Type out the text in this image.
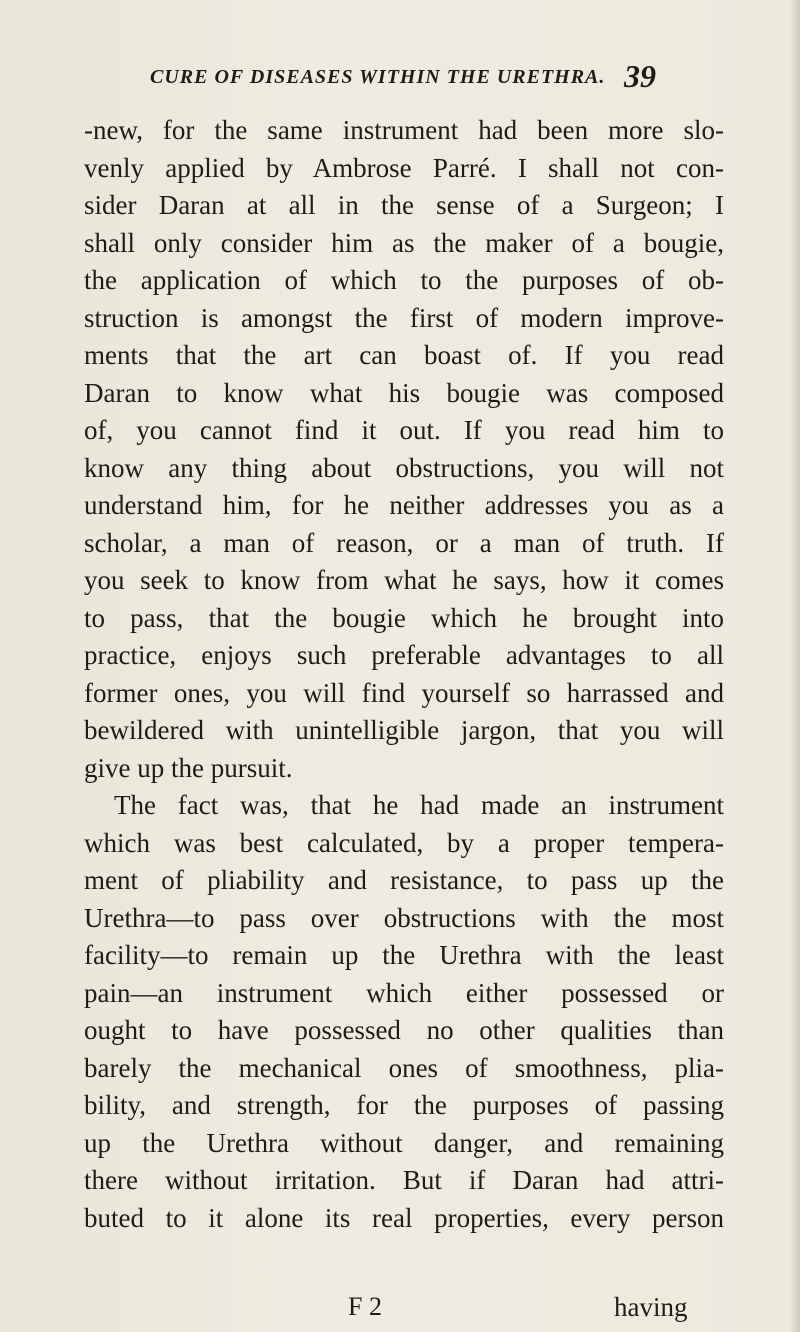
CURE OF DISEASES WITHIN THE URETHRA. 39
-new, for the same instrument had been more slo-
venly applied by Ambrose Parré. I shall not con-
sider Daran at all in the sense of a Surgeon; I
shall only consider him as the maker of a bougie,
the application of which to the purposes of ob-
struction is amongst the first of modern improve-
ments that the art can boast of. If you read
Daran to know what his bougie was composed
of, you cannot find it out. If you read him to
know any thing about obstructions, you will not
understand him, for he neither addresses you as a
scholar, a man of reason, or a man of truth. If
you seek to know from what he says, how it comes
to pass, that the bougie which he brought into
practice, enjoys such preferable advantages to all
former ones, you will find yourself so harrassed and
bewildered with unintelligible jargon, that you will
give up the pursuit.
The fact was, that he had made an instrument
which was best calculated, by a proper tempera-
ment of pliability and resistance, to pass up the
Urethra—to pass over obstructions with the most
facility—to remain up the Urethra with the least
pain—an instrument which either possessed or
ought to have possessed no other qualities than
barely the mechanical ones of smoothness, plia-
bility, and strength, for the purposes of passing
up the Urethra without danger, and remaining
there without irritation. But if Daran had attri-
buted to it alone its real properties, every person
F 2	having
